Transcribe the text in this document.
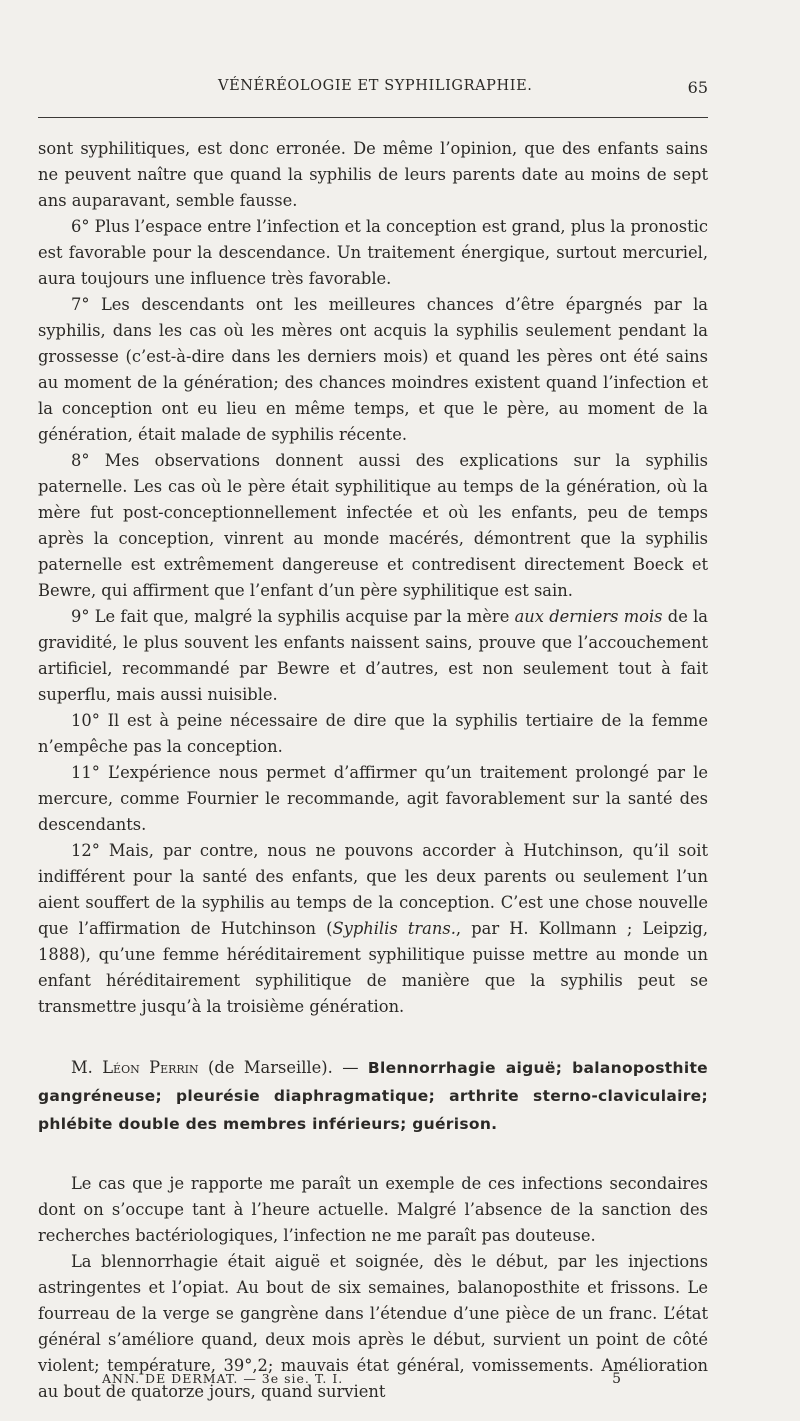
VÉNÉRÉOLOGIE ET SYPHILIGRAPHIE.	65

sont syphilitiques, est donc erronée. De même l’opinion, que des enfants sains ne peuvent naître que quand la syphilis de leurs parents date au moins de sept ans auparavant, semble fausse.

6° Plus l’espace entre l’infection et la conception est grand, plus la pronostic est favorable pour la descendance. Un traitement énergique, surtout mercuriel, aura toujours une influence très favorable.

7° Les descendants ont les meilleures chances d’être épargnés par la syphilis, dans les cas où les mères ont acquis la syphilis seulement pendant la grossesse (c’est-à-dire dans les derniers mois) et quand les pères ont été sains au moment de la génération; des chances moindres existent quand l’infection et la conception ont eu lieu en même temps, et que le père, au moment de la génération, était malade de syphilis récente.

8° Mes observations donnent aussi des explications sur la syphilis paternelle. Les cas où le père était syphilitique au temps de la génération, où la mère fut post-conceptionnellement infectée et où les enfants, peu de temps après la conception, vinrent au monde macérés, démontrent que la syphilis paternelle est extrêmement dangereuse et contredisent directement Boeck et Bewre, qui affirment que l’enfant d’un père syphilitique est sain.

9° Le fait que, malgré la syphilis acquise par la mère aux derniers mois de la gravidité, le plus souvent les enfants naissent sains, prouve que l’accouchement artificiel, recommandé par Bewre et d’autres, est non seulement tout à fait superflu, mais aussi nuisible.

10° Il est à peine nécessaire de dire que la syphilis tertiaire de la femme n’empêche pas la conception.

11° L’expérience nous permet d’affirmer qu’un traitement prolongé par le mercure, comme Fournier le recommande, agit favorablement sur la santé des descendants.

12° Mais, par contre, nous ne pouvons accorder à Hutchinson, qu’il soit indifférent pour la santé des enfants, que les deux parents ou seulement l’un aient souffert de la syphilis au temps de la conception. C’est une chose nouvelle que l’affirmation de Hutchinson (Syphilis trans., par H. Kollmann ; Leipzig, 1888), qu’une femme héréditairement syphilitique puisse mettre au monde un enfant héréditairement syphilitique de manière que la syphilis peut se transmettre jusqu’à la troisième génération.

M. Léon Perrin (de Marseille). — Blennorrhagie aiguë; balanoposthite gangréneuse; pleurésie diaphragmatique; arthrite sterno-claviculaire; phlébite double des membres inférieurs; guérison.

Le cas que je rapporte me paraît un exemple de ces infections secondaires dont on s’occupe tant à l’heure actuelle. Malgré l’absence de la sanction des recherches bactériologiques, l’infection ne me paraît pas douteuse.

La blennorrhagie était aiguë et soignée, dès le début, par les injections astringentes et l’opiat. Au bout de six semaines, balanoposthite et frissons. Le fourreau de la verge se gangrène dans l’étendue d’une pièce de un franc. L’état général s’améliore quand, deux mois après le début, survient un point de côté violent; température, 39°,2; mauvais état général, vomissements. Amélioration au bout de quatorze jours, quand survient

ANN. DE DERMAT. — 3e sie. T. I.	5
